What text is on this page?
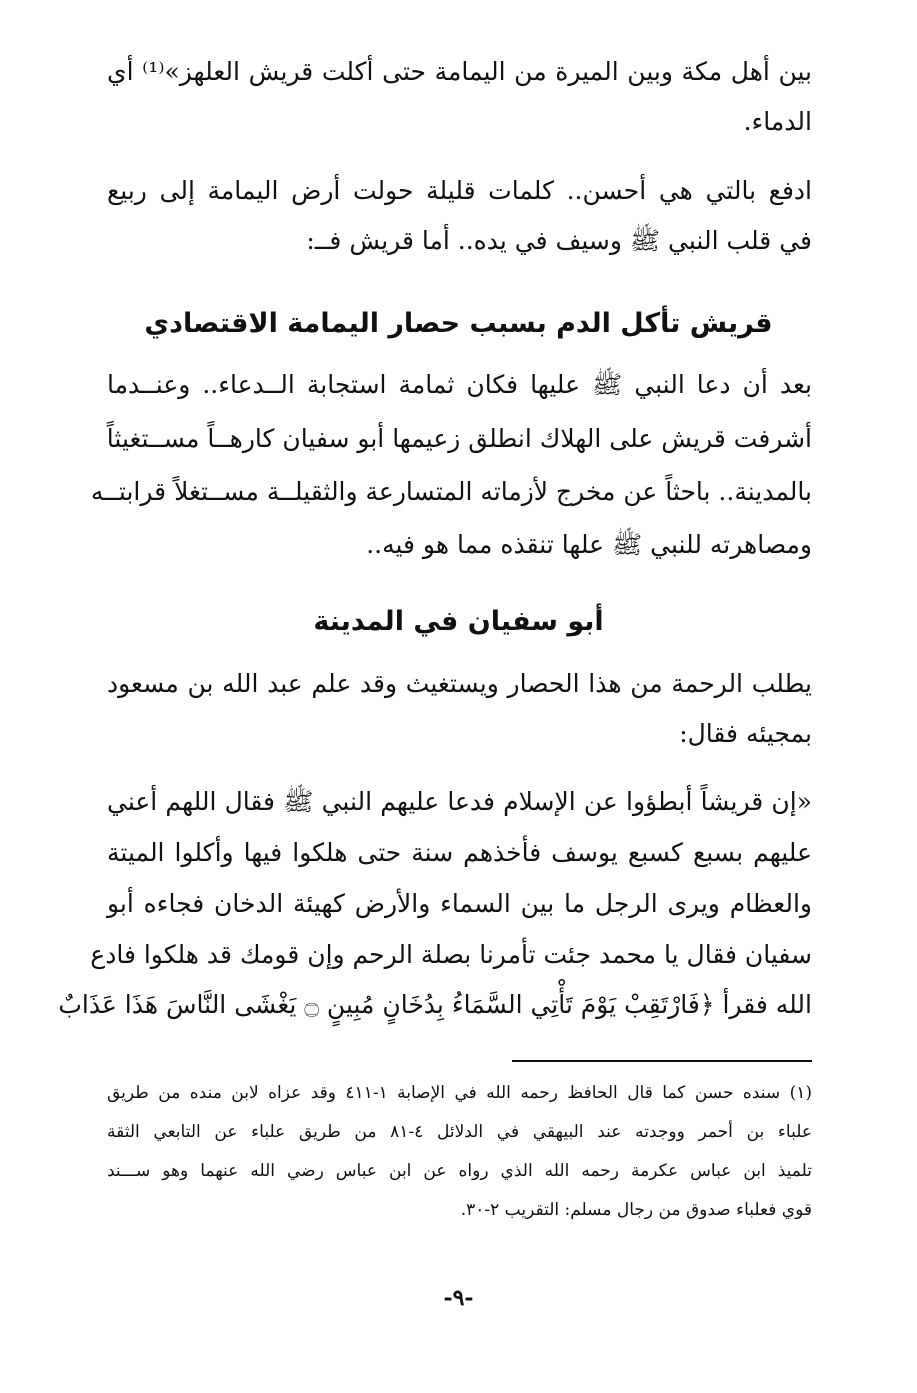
بين أهل مكة وبين الميرة من اليمامة حتى أكلت قريش العلهز»⁽¹⁾ أي
الدماء.
ادفع بالتي هي أحسن.. كلمات قليلة حولت أرض اليمامة إلى ربيع
في قلب النبي ﷺ وسيف في يده.. أما قريش فــ:
قريش تأكل الدم بسبب حصار اليمامة الاقتصادي
بعد أن دعا النبي ﷺ عليها فكان ثمامة استجابة الــدعاء.. وعنــدما
أشرفت قريش على الهلاك انطلق زعيمها أبو سفيان كارهــاً مســتغيثاً
بالمدينة.. باحثاً عن مخرج لأزماته المتسارعة والثقيلــة مســتغلاً قرابتــه
ومصاهرته للنبي ﷺ علها تنقذه مما هو فيه..
أبو سفيان في المدينة
يطلب الرحمة من هذا الحصار ويستغيث وقد علم عبد الله بن مسعود
بمجيئه فقال:
«إن قريشاً أبطؤوا عن الإسلام فدعا عليهم النبي ﷺ فقال اللهم أعني
عليهم بسبع كسبع يوسف فأخذهم سنة حتى هلكوا فيها وأكلوا الميتة
والعظام ويرى الرجل ما بين السماء والأرض كهيئة الدخان فجاءه أبو
سفيان فقال يا محمد جئت تأمرنا بصلة الرحم وإن قومك قد هلكوا فادع
الله فقرأ ﴿فَارْتَقِبْ يَوْمَ تَأْتِي السَّمَاءُ بِدُخَانٍ مُبِينٍ ۝ يَغْشَى النَّاسَ هَذَا عَذَابٌ
(١) سنده حسن كما قال الحافظ رحمه الله في الإصابة ١-٤١١ وقد عزاه لابن منده من طريق
علباء بن أحمر ووجدته عند البيهقي في الدلائل ٤-٨١ من طريق علباء عن التابعي الثقة
تلميذ ابن عباس عكرمة رحمه الله الذي رواه عن ابن عباس رضي الله عنهما وهو ســـند
قوي فعلباء صدوق من رجال مسلم: التقريب ٢-٣٠.
-٩-
